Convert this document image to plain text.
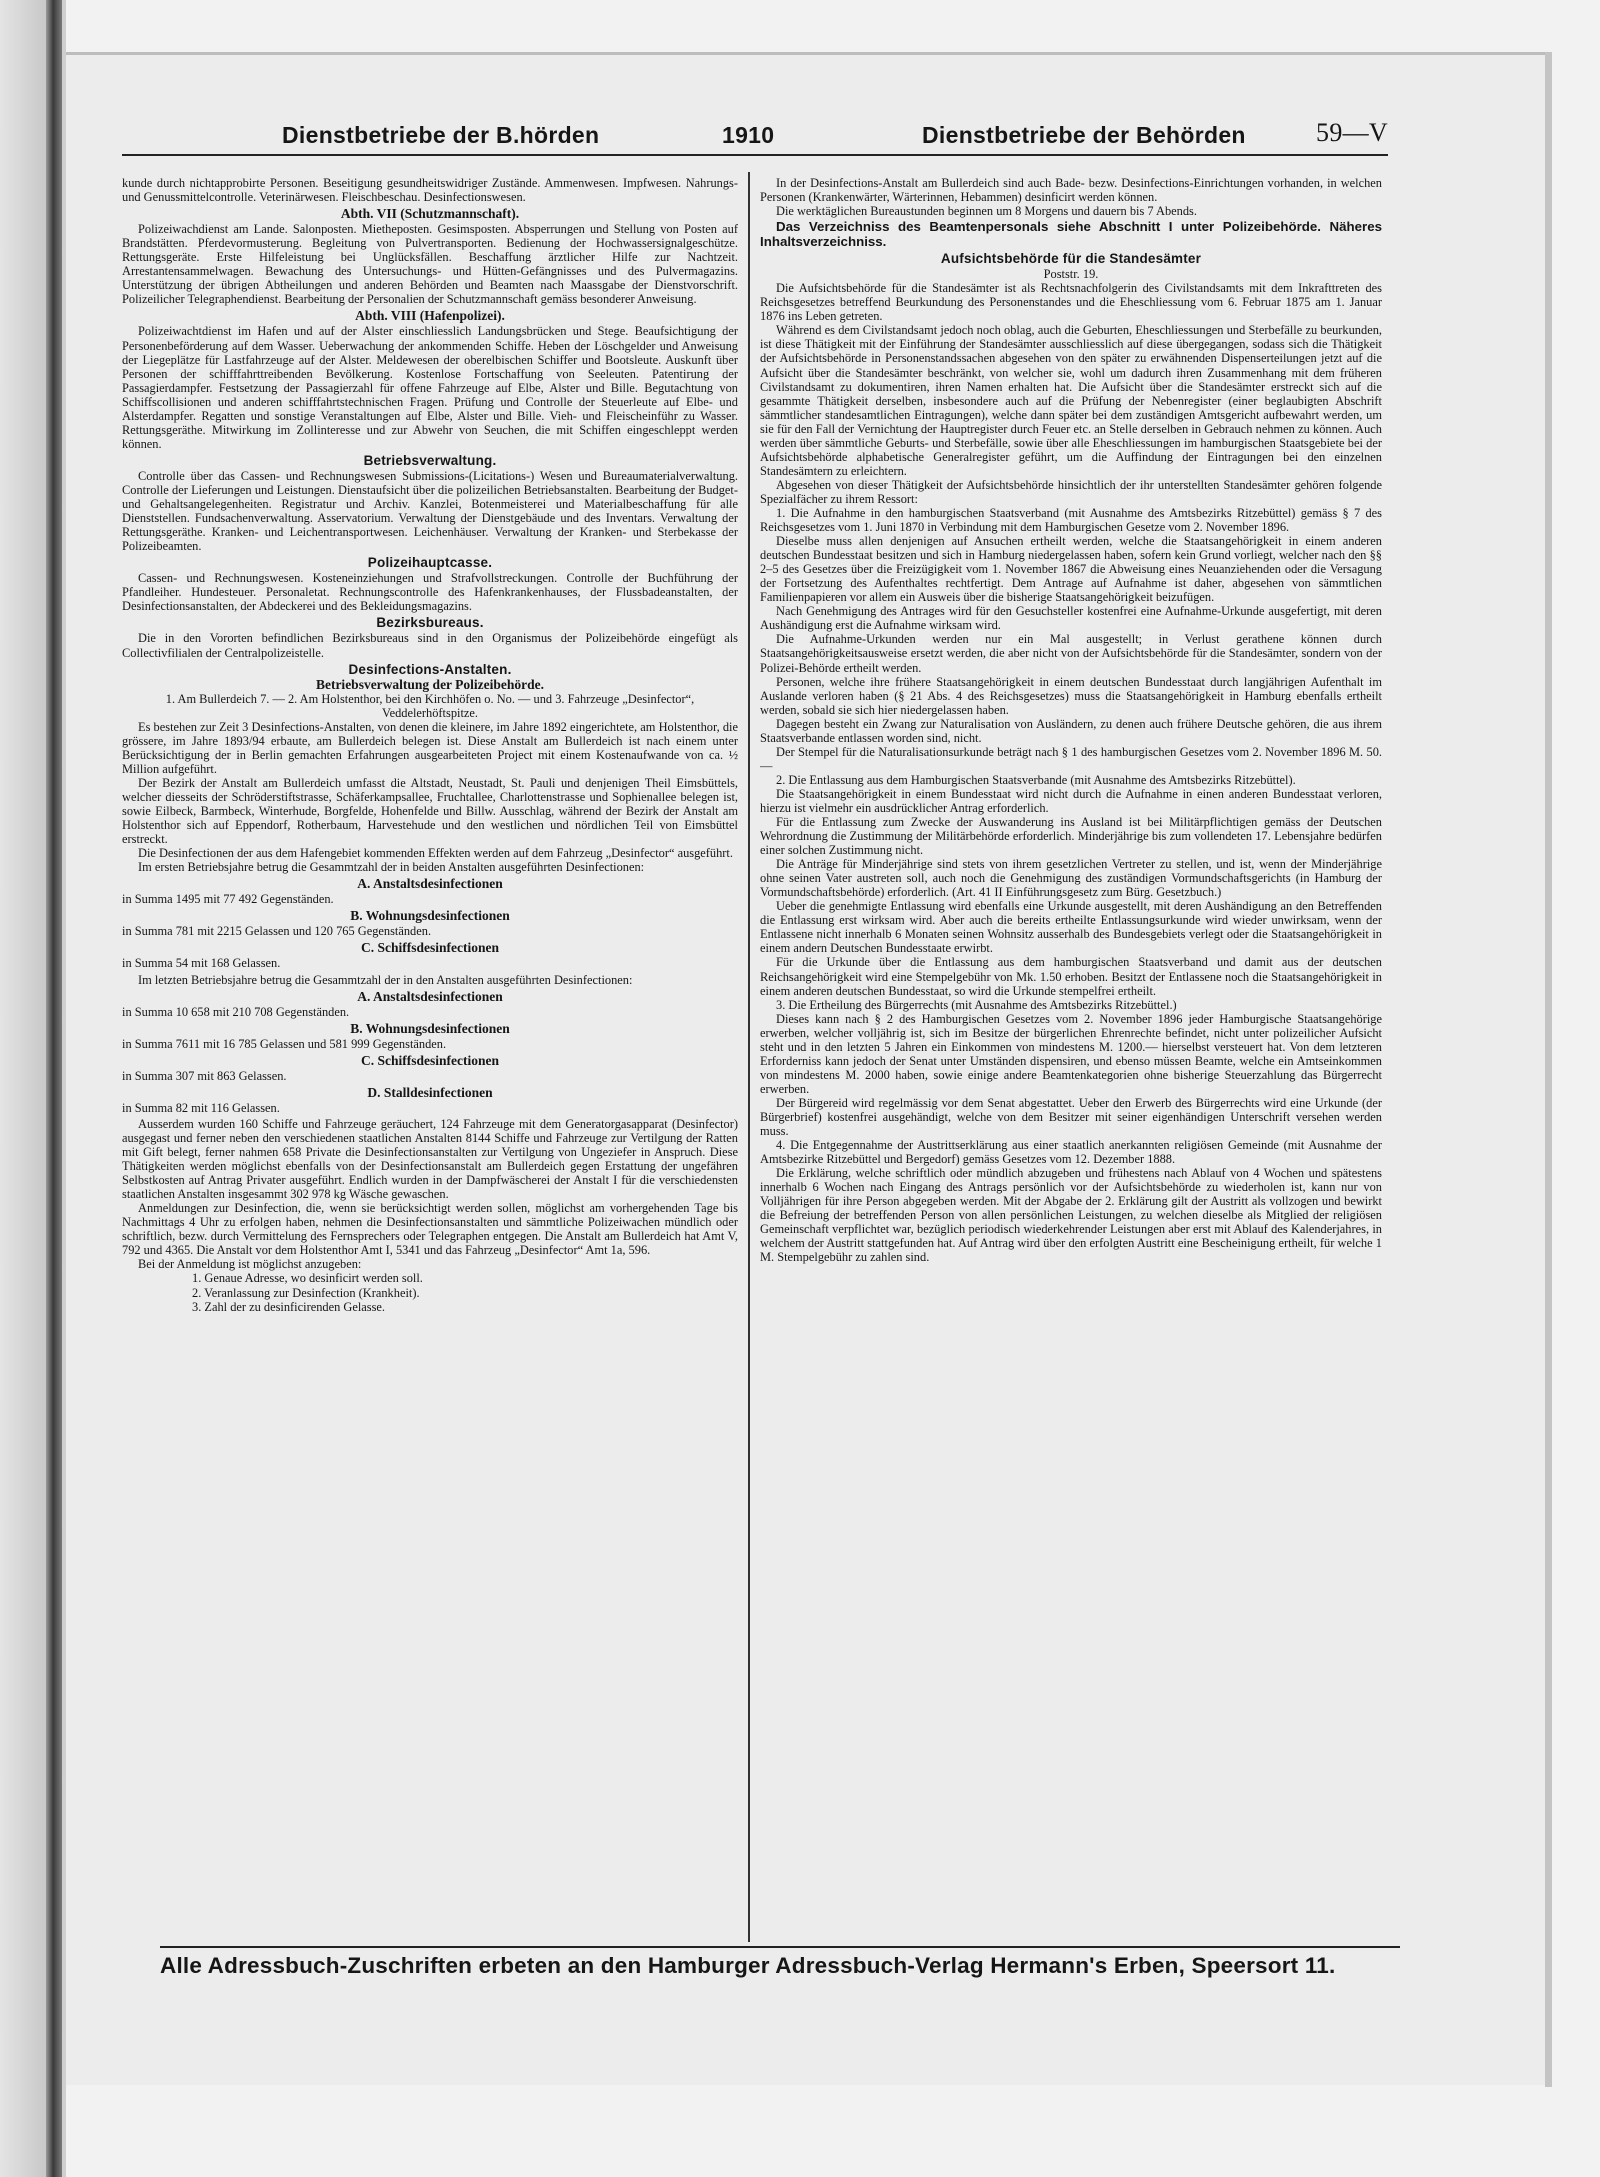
Dienstbetriebe der B.hörden	1910	Dienstbetriebe der Behörden	59—V

kunde durch nichtapprobirte Personen. Beseitigung gesundheitswidriger Zustände. Ammenwesen. Impfwesen. Nahrungs- und Genussmittelcontrolle. Veterinärwesen. Fleischbeschau. Desinfectionswesen.

Abth. VII (Schutzmannschaft).

Polizeiwachdienst am Lande. Salonposten. Mietheposten. Gesimsposten. Absperrungen und Stellung von Posten auf Brandstätten. Pferdevormusterung. Begleitung von Pulvertransporten. Bedienung der Hochwassersignalgeschütze. Rettungsgeräte. Erste Hilfeleistung bei Unglücksfällen. Beschaffung ärztlicher Hilfe zur Nachtzeit. Arrestantensammelwagen. Bewachung des Untersuchungs- und Hütten-Gefängnisses und des Pulvermagazins. Unterstützung der übrigen Abtheilungen und anderen Behörden und Beamten nach Maassgabe der Dienstvorschrift. Polizeilicher Telegraphendienst. Bearbeitung der Personalien der Schutzmannschaft gemäss besonderer Anweisung.

Abth. VIII (Hafenpolizei).

Polizeiwachtdienst im Hafen und auf der Alster einschliesslich Landungsbrücken und Stege. Beaufsichtigung der Personenbeförderung auf dem Wasser. Ueberwachung der ankommenden Schiffe. Heben der Löschgelder und Anweisung der Liegeplätze für Lastfahrzeuge auf der Alster. Meldewesen der oberelbischen Schiffer und Bootsleute. Auskunft über Personen der schifffahrttreibenden Bevölkerung. Kostenlose Fortschaffung von Seeleuten. Patentirung der Passagierdampfer. Festsetzung der Passagierzahl für offene Fahrzeuge auf Elbe, Alster und Bille. Begutachtung von Schiffscollisionen und anderen schifffahrtstechnischen Fragen. Prüfung und Controlle der Steuerleute auf Elbe- und Alsterdampfer. Regatten und sonstige Veranstaltungen auf Elbe, Alster und Bille. Vieh- und Fleischeinführ zu Wasser. Rettungsgeräthe. Mitwirkung im Zollinteresse und zur Abwehr von Seuchen, die mit Schiffen eingeschleppt werden können.

Betriebsverwaltung.

Controlle über das Cassen- und Rechnungswesen Submissions-(Licitations-) Wesen und Bureaumaterialverwaltung. Controlle der Lieferungen und Leistungen. Dienstaufsicht über die polizeilichen Betriebsanstalten. Bearbeitung der Budget- und Gehaltsangelegenheiten. Registratur und Archiv. Kanzlei, Botenmeisterei und Materialbeschaffung für alle Dienststellen. Fundsachenverwaltung. Asservatorium. Verwaltung der Dienstgebäude und des Inventars. Verwaltung der Rettungsgeräthe. Kranken- und Leichentransportwesen. Leichenhäuser. Verwaltung der Kranken- und Sterbekasse der Polizeibeamten.

Polizeihauptcasse.

Cassen- und Rechnungswesen. Kosteneinziehungen und Strafvollstreckungen. Controlle der Buchführung der Pfandleiher. Hundesteuer. Personaletat. Rechnungscontrolle des Hafenkrankenhauses, der Flussbadeanstalten, der Desinfectionsanstalten, der Abdeckerei und des Bekleidungsmagazins.

Bezirksbureaus.

Die in den Vororten befindlichen Bezirksbureaus sind in den Organismus der Polizeibehörde eingefügt als Collectivfilialen der Centralpolizeistelle.

Desinfections-Anstalten.
Betriebsverwaltung der Polizeibehörde.

1. Am Bullerdeich 7. — 2. Am Holstenthor, bei den Kirchhöfen o. No. — und 3. Fahrzeuge „Desinfector“, Veddelerhöftspitze.

Es bestehen zur Zeit 3 Desinfections-Anstalten, von denen die kleinere, im Jahre 1892 eingerichtete, am Holstenthor, die grössere, im Jahre 1893/94 erbaute, am Bullerdeich belegen ist. Diese Anstalt am Bullerdeich ist nach einem unter Berücksichtigung der in Berlin gemachten Erfahrungen ausgearbeiteten Project mit einem Kostenaufwande von ca. ½ Million aufgeführt.

Der Bezirk der Anstalt am Bullerdeich umfasst die Altstadt, Neustadt, St. Pauli und denjenigen Theil Eimsbüttels, welcher diesseits der Schröderstiftstrasse, Schäferkampsallee, Fruchtallee, Charlottenstrasse und Sophienallee belegen ist, sowie Eilbeck, Barmbeck, Winterhude, Borgfelde, Hohenfelde und Billw. Ausschlag, während der Bezirk der Anstalt am Holstenthor sich auf Eppendorf, Rotherbaum, Harvestehude und den westlichen und nördlichen Teil von Eimsbüttel erstreckt.

Die Desinfectionen der aus dem Hafengebiet kommenden Effekten werden auf dem Fahrzeug „Desinfector“ ausgeführt.

Im ersten Betriebsjahre betrug die Gesammtzahl der in beiden Anstalten ausgeführten Desinfectionen:

A. Anstaltsdesinfectionen

in Summa 1495 mit 77 492 Gegenständen.

B. Wohnungsdesinfectionen

in Summa 781 mit 2215 Gelassen und 120 765 Gegenständen.

C. Schiffsdesinfectionen

in Summa 54 mit 168 Gelassen.

Im letzten Betriebsjahre betrug die Gesammtzahl der in den Anstalten ausgeführten Desinfectionen:

A. Anstaltsdesinfectionen

in Summa 10 658 mit 210 708 Gegenständen.

B. Wohnungsdesinfectionen

in Summa 7611 mit 16 785 Gelassen und 581 999 Gegenständen.

C. Schiffsdesinfectionen

in Summa 307 mit 863 Gelassen.

D. Stalldesinfectionen

in Summa 82 mit 116 Gelassen.

Ausserdem wurden 160 Schiffe und Fahrzeuge geräuchert, 124 Fahrzeuge mit dem Generatorgasapparat (Desinfector) ausgegast und ferner neben den verschiedenen staatlichen Anstalten 8144 Schiffe und Fahrzeuge zur Vertilgung der Ratten mit Gift belegt, ferner nahmen 658 Private die Desinfectionsanstalten zur Vertilgung von Ungeziefer in Anspruch. Diese Thätigkeiten werden möglichst ebenfalls von der Desinfectionsanstalt am Bullerdeich gegen Erstattung der ungefähren Selbstkosten auf Antrag Privater ausgeführt. Endlich wurden in der Dampfwäscherei der Anstalt I für die verschiedensten staatlichen Anstalten insgesammt 302 978 kg Wäsche gewaschen.

Anmeldungen zur Desinfection, die, wenn sie berücksichtigt werden sollen, möglichst am vorhergehenden Tage bis Nachmittags 4 Uhr zu erfolgen haben, nehmen die Desinfectionsanstalten und sämmtliche Polizeiwachen mündlich oder schriftlich, bezw. durch Vermittelung des Fernsprechers oder Telegraphen entgegen. Die Anstalt am Bullerdeich hat Amt V, 792 und 4365. Die Anstalt vor dem Holstenthor Amt I, 5341 und das Fahrzeug „Desinfector“ Amt 1a, 596.

Bei der Anmeldung ist möglichst anzugeben:

1. Genaue Adresse, wo desinficirt werden soll.

2. Veranlassung zur Desinfection (Krankheit).

3. Zahl der zu desinficirenden Gelasse.

In der Desinfections-Anstalt am Bullerdeich sind auch Bade- bezw. Desinfections-Einrichtungen vorhanden, in welchen Personen (Krankenwärter, Wärterinnen, Hebammen) desinficirt werden können.

Die werktäglichen Bureaustunden beginnen um 8 Morgens und dauern bis 7 Abends.

Das Verzeichniss des Beamtenpersonals siehe Abschnitt I unter Polizeibehörde. Näheres Inhaltsverzeichniss.

Aufsichtsbehörde für die Standesämter

Poststr. 19.

Die Aufsichtsbehörde für die Standesämter ist als Rechtsnachfolgerin des Civilstandsamts mit dem Inkrafttreten des Reichsgesetzes betreffend Beurkundung des Personenstandes und die Eheschliessung vom 6. Februar 1875 am 1. Januar 1876 ins Leben getreten.

Während es dem Civilstandsamt jedoch noch oblag, auch die Geburten, Eheschliessungen und Sterbefälle zu beurkunden, ist diese Thätigkeit mit der Einführung der Standesämter ausschliesslich auf diese übergegangen, sodass sich die Thätigkeit der Aufsichtsbehörde in Personenstandssachen abgesehen von den später zu erwähnenden Dispenserteilungen jetzt auf die Aufsicht über die Standesämter beschränkt, von welcher sie, wohl um dadurch ihren Zusammenhang mit dem früheren Civilstandsamt zu dokumentiren, ihren Namen erhalten hat. Die Aufsicht über die Standesämter erstreckt sich auf die gesammte Thätigkeit derselben, insbesondere auch auf die Prüfung der Nebenregister (einer beglaubigten Abschrift sämmtlicher standesamtlichen Eintragungen), welche dann später bei dem zuständigen Amtsgericht aufbewahrt werden, um sie für den Fall der Vernichtung der Hauptregister durch Feuer etc. an Stelle derselben in Gebrauch nehmen zu können. Auch werden über sämmtliche Geburts- und Sterbefälle, sowie über alle Eheschliessungen im hamburgischen Staatsgebiete bei der Aufsichtsbehörde alphabetische Generalregister geführt, um die Auffindung der Eintragungen bei den einzelnen Standesämtern zu erleichtern.

Abgesehen von dieser Thätigkeit der Aufsichtsbehörde hinsichtlich der ihr unterstellten Standesämter gehören folgende Spezialfächer zu ihrem Ressort:

1. Die Aufnahme in den hamburgischen Staatsverband (mit Ausnahme des Amtsbezirks Ritzebüttel) gemäss § 7 des Reichsgesetzes vom 1. Juni 1870 in Verbindung mit dem Hamburgischen Gesetze vom 2. November 1896.

Dieselbe muss allen denjenigen auf Ansuchen ertheilt werden, welche die Staatsangehörigkeit in einem anderen deutschen Bundesstaat besitzen und sich in Hamburg niedergelassen haben, sofern kein Grund vorliegt, welcher nach den §§ 2–5 des Gesetzes über die Freizügigkeit vom 1. November 1867 die Abweisung eines Neuanziehenden oder die Versagung der Fortsetzung des Aufenthaltes rechtfertigt. Dem Antrage auf Aufnahme ist daher, abgesehen von sämmtlichen Familienpapieren vor allem ein Ausweis über die bisherige Staatsangehörigkeit beizufügen.

Nach Genehmigung des Antrages wird für den Gesuchsteller kostenfrei eine Aufnahme-Urkunde ausgefertigt, mit deren Aushändigung erst die Aufnahme wirksam wird.

Die Aufnahme-Urkunden werden nur ein Mal ausgestellt; in Verlust gerathene können durch Staatsangehörigkeitsausweise ersetzt werden, die aber nicht von der Aufsichtsbehörde für die Standesämter, sondern von der Polizei-Behörde ertheilt werden.

Personen, welche ihre frühere Staatsangehörigkeit in einem deutschen Bundesstaat durch langjährigen Aufenthalt im Auslande verloren haben (§ 21 Abs. 4 des Reichsgesetzes) muss die Staatsangehörigkeit in Hamburg ebenfalls ertheilt werden, sobald sie sich hier niedergelassen haben.

Dagegen besteht ein Zwang zur Naturalisation von Ausländern, zu denen auch frühere Deutsche gehören, die aus ihrem Staatsverbande entlassen worden sind, nicht.

Der Stempel für die Naturalisationsurkunde beträgt nach § 1 des hamburgischen Gesetzes vom 2. November 1896 M. 50.—

2. Die Entlassung aus dem Hamburgischen Staatsverbande (mit Ausnahme des Amtsbezirks Ritzebüttel).

Die Staatsangehörigkeit in einem Bundesstaat wird nicht durch die Aufnahme in einen anderen Bundesstaat verloren, hierzu ist vielmehr ein ausdrücklicher Antrag erforderlich.

Für die Entlassung zum Zwecke der Auswanderung ins Ausland ist bei Militärpflichtigen gemäss der Deutschen Wehrordnung die Zustimmung der Militärbehörde erforderlich. Minderjährige bis zum vollendeten 17. Lebensjahre bedürfen einer solchen Zustimmung nicht.

Die Anträge für Minderjährige sind stets von ihrem gesetzlichen Vertreter zu stellen, und ist, wenn der Minderjährige ohne seinen Vater austreten soll, auch noch die Genehmigung des zuständigen Vormundschaftsgerichts (in Hamburg der Vormundschaftsbehörde) erforderlich. (Art. 41 II Einführungsgesetz zum Bürg. Gesetzbuch.)

Ueber die genehmigte Entlassung wird ebenfalls eine Urkunde ausgestellt, mit deren Aushändigung an den Betreffenden die Entlassung erst wirksam wird. Aber auch die bereits ertheilte Entlassungsurkunde wird wieder unwirksam, wenn der Entlassene nicht innerhalb 6 Monaten seinen Wohnsitz ausserhalb des Bundesgebiets verlegt oder die Staatsangehörigkeit in einem andern Deutschen Bundesstaate erwirbt.

Für die Urkunde über die Entlassung aus dem hamburgischen Staatsverband und damit aus der deutschen Reichsangehörigkeit wird eine Stempelgebühr von Mk. 1.50 erhoben. Besitzt der Entlassene noch die Staatsangehörigkeit in einem anderen deutschen Bundesstaat, so wird die Urkunde stempelfrei ertheilt.

3. Die Ertheilung des Bürgerrechts (mit Ausnahme des Amtsbezirks Ritzebüttel.)

Dieses kann nach § 2 des Hamburgischen Gesetzes vom 2. November 1896 jeder Hamburgische Staatsangehörige erwerben, welcher volljährig ist, sich im Besitze der bürgerlichen Ehrenrechte befindet, nicht unter polizeilicher Aufsicht steht und in den letzten 5 Jahren ein Einkommen von mindestens M. 1200.— hierselbst versteuert hat. Von dem letzteren Erforderniss kann jedoch der Senat unter Umständen dispensiren, und ebenso müssen Beamte, welche ein Amtseinkommen von mindestens M. 2000 haben, sowie einige andere Beamtenkategorien ohne bisherige Steuerzahlung das Bürgerrecht erwerben.

Der Bürgereid wird regelmässig vor dem Senat abgestattet. Ueber den Erwerb des Bürgerrechts wird eine Urkunde (der Bürgerbrief) kostenfrei ausgehändigt, welche von dem Besitzer mit seiner eigenhändigen Unterschrift versehen werden muss.

4. Die Entgegennahme der Austrittserklärung aus einer staatlich anerkannten religiösen Gemeinde (mit Ausnahme der Amtsbezirke Ritzebüttel und Bergedorf) gemäss Gesetzes vom 12. Dezember 1888.

Die Erklärung, welche schriftlich oder mündlich abzugeben und frühestens nach Ablauf von 4 Wochen und spätestens innerhalb 6 Wochen nach Eingang des Antrags persönlich vor der Aufsichtsbehörde zu wiederholen ist, kann nur von Volljährigen für ihre Person abgegeben werden. Mit der Abgabe der 2. Erklärung gilt der Austritt als vollzogen und bewirkt die Befreiung der betreffenden Person von allen persönlichen Leistungen, zu welchen dieselbe als Mitglied der religiösen Gemeinschaft verpflichtet war, bezüglich periodisch wiederkehrender Leistungen aber erst mit Ablauf des Kalenderjahres, in welchem der Austritt stattgefunden hat. Auf Antrag wird über den erfolgten Austritt eine Bescheinigung ertheilt, für welche 1 M. Stempelgebühr zu zahlen sind.

Alle Adressbuch-Zuschriften erbeten an den Hamburger Adressbuch-Verlag Hermann's Erben, Speersort 11.
